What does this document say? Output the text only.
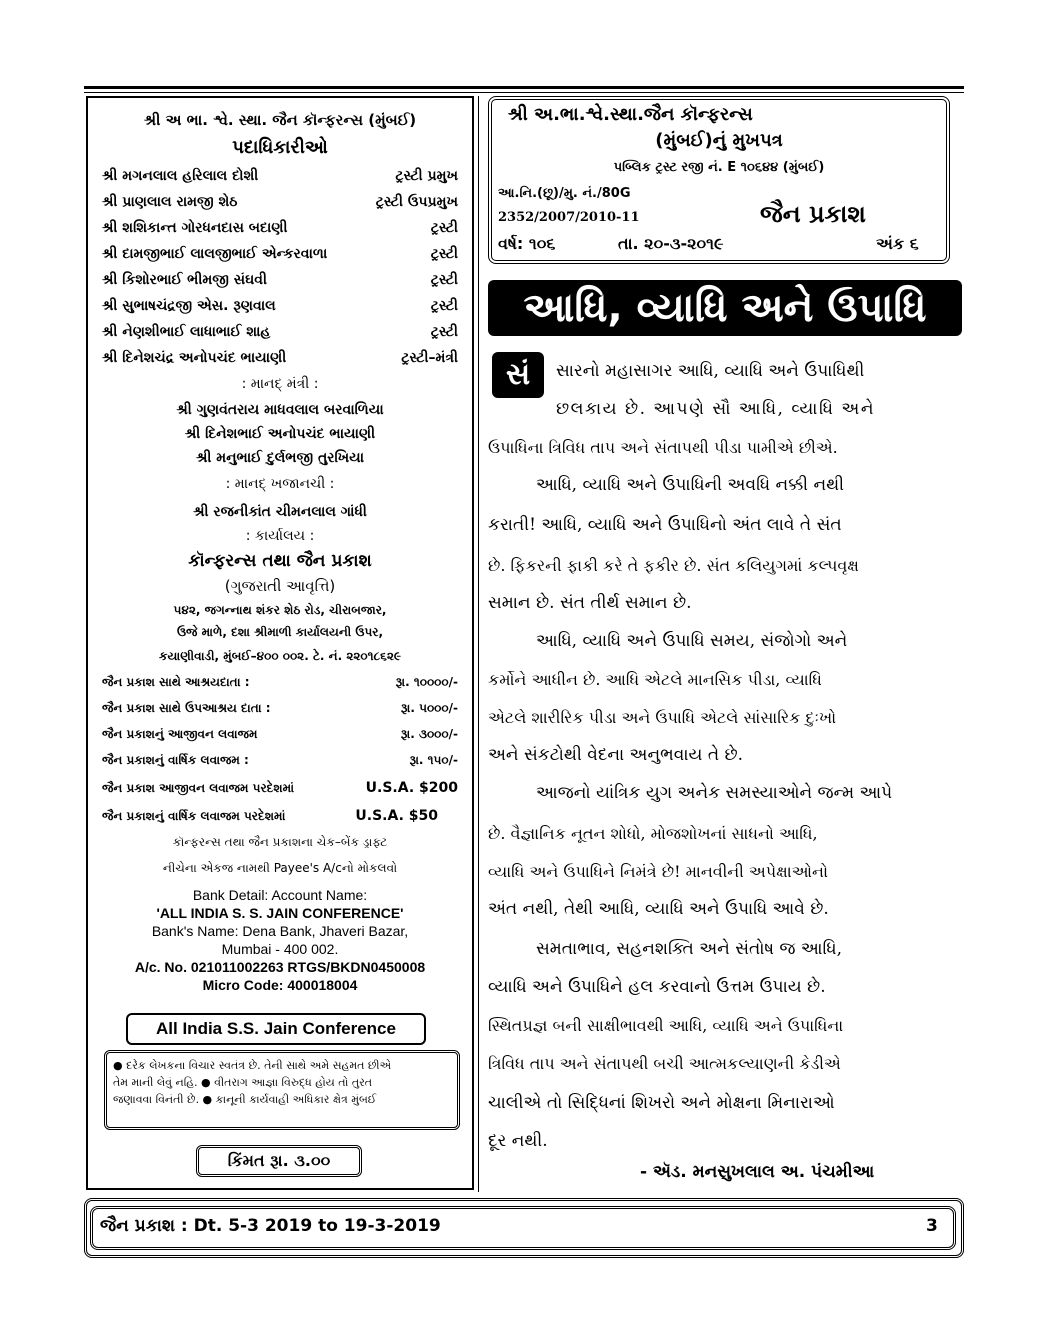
શ્રી અ ભા. શ્વે. સ્થા. જૈન કૉન્ફરન્સ (મુંબઈ)
પદાધિકારીઓ
શ્રી મગનલાલ હરિલાલ દોશી	ટ્રસ્ટી પ્રમુખ
શ્રી પ્રાણલાલ રામજી શેઠ	ટ્રસ્ટી ઉપપ્રમુખ
શ્રી શશિકાન્ત ગોરધનદાસ બદાણી	ટ્રસ્ટી
શ્રી દામજીભાઈ લાલજીભાઈ એન્કરવાળા	ટ્રસ્ટી
શ્રી કિશોરભાઈ ભીમજી સંઘવી	ટ્રસ્ટી
શ્રી સુભાષચંદ્રજી એસ. રૂણવાલ	ટ્રસ્ટી
શ્રી નેણશીભાઈ લાધાભાઈ શાહ	ટ્રસ્ટી
શ્રી દિનેશચંદ્ર અનોપચંદ ભાયાણી	ટ્રસ્ટી–મંત્રી
: માનદ્ મંત્રી :
શ્રી ગુણવંતરાય માધવલાલ બરવાળિયા
શ્રી દિનેશભાઈ અનોપચંદ ભાયાણી
શ્રી મનુભાઈ દુર્લભજી તુરખિયા
: માનદ્ ખજાનચી :
શ્રી રજનીકાંત ચીમનલાલ ગાંધી
: કાર્યાલય :
કૉન્ફરન્સ તથા જૈન પ્રકાશ
(ગુજરાતી આવૃત્તિ)
૫૪૨, જગન્નાથ શંકર શેઠ રોડ, ચીરાબજાર,
ઉજે માળે, દશા શ્રીમાળી કાર્યાલયની ઉપર,
કયાણીવાડી, મુંબઈ–૪૦૦ ૦૦૨. ટે. નં. ૨૨૦૧૮૬૨૯
જૈન પ્રકાશ સાથે આશ્રયદાતા :	રૂા. ૧૦૦૦૦/-
જૈન પ્રકાશ સાથે ઉપઆશ્રય દાતા :	રૂા. ૫૦૦૦/-
જૈન પ્રકાશનું આજીવન લવાજમ	રૂા. ૩૦૦૦/-
જૈન પ્રકાશનું વાર્ષિક લવાજમ :	રૂા. ૧૫૦/-
જૈન પ્રકાશ આજીવન લવાજમ પરદેશમાં	U.S.A. $200
જૈન પ્રકાશનું વાર્ષિક લવાજમ પરદેશમાં	U.S.A. $50
કૉન્ફરન્સ તથા જૈન પ્રકાશના ચેક–બેંક ડ્રાફ્ટ
નીચેના એકજ નામથી Payee's A/cનો મોકલવો
Bank Detail: Account Name:
'ALL INDIA S. S. JAIN CONFERENCE'
Bank's Name: Dena Bank, Jhaveri Bazar,
Mumbai - 400 002.
A/c. No. 021011002263 RTGS/BKDN0450008
Micro Code: 400018004
All India S.S. Jain Conference
● દરેક લેખકના વિચાર સ્વતંત્ર છે. તેની સાથે અમે સહમત છીએ
તેમ માની લેવું નહિ. ● વીતરાગ આજ્ઞા વિરુદ્ધ હોય તો તુરત
જણાવવા વિનંતી છે. ● કાનૂની કાર્યવાહી અધિકાર ક્ષેત્ર મુંબઈ
કિંમત રૂા. ૩.૦૦
શ્રી અ.ભા.શ્વે.સ્થા.જૈન કૉન્ફરન્સ
(મુંબઈ)નું મુખપત્ર
પબ્લિક ટ્રસ્ટ રજી નં. E ૧૦૬૪૪ (મુંબઈ)
આ.નિ.(છૂ)/મુ. નં./80G
2352/2007/2010-11	જૈન પ્રકાશ
વર્ષ: ૧૦૬	તા. ૨૦-૩-૨૦૧૯	અંક ૬
આધિ, વ્યાધિ અને ઉપાધિ
સં	સારનો મહાસાગર આધિ, વ્યાધિ અને ઉપાધિથી
છલકાય છે. આપણે સૌ આધિ, વ્યાધિ અને
ઉપાધિના ત્રિવિધ તાપ અને સંતાપથી પીડા પામીએ છીએ.
આધિ, વ્યાધિ અને ઉપાધિની અવધિ નક્કી નથી
કરાતી! આધિ, વ્યાધિ અને ઉપાધિનો અંત લાવે તે સંત
છે. ફિકરની ફાકી કરે તે ફકીર છે. સંત કલિયુગમાં કલ્પવૃક્ષ
સમાન છે. સંત તીર્થ સમાન છે.
આધિ, વ્યાધિ અને ઉપાધિ સમય, સંજોગો અને
કર્મોને આધીન છે. આધિ એટલે માનસિક પીડા, વ્યાધિ
એટલે શારીરિક પીડા અને ઉપાધિ એટલે સાંસારિક દુઃખો
અને સંકટોથી વેદના અનુભવાય તે છે.
આજનો યાંત્રિક યુગ અનેક સમસ્યાઓને જન્મ આપે
છે. વૈજ્ઞાનિક નૂતન શોધો, મોજશોખનાં સાધનો આધિ,
વ્યાધિ અને ઉપાધિને નિમંત્રે છે! માનવીની અપેક્ષાઓનો
અંત નથી, તેથી આધિ, વ્યાધિ અને ઉપાધિ આવે છે.
સમતાભાવ, સહનશક્તિ અને સંતોષ જ આધિ,
વ્યાધિ અને ઉપાધિને હલ કરવાનો ઉત્તમ ઉપાય છે.
સ્થિતપ્રજ્ઞ બની સાક્ષીભાવથી આધિ, વ્યાધિ અને ઉપાધિના
ત્રિવિધ તાપ અને સંતાપથી બચી આત્મકલ્યાણની કેડીએ
ચાલીએ તો સિદ્ધિનાં શિખરો અને મોક્ષના મિનારાઓ
દૂર નથી.
- ઍડ. મનસુખલાલ અ. પંચમીઆ
જૈન પ્રકાશ : Dt. 5-3 2019 to 19-3-2019	3
